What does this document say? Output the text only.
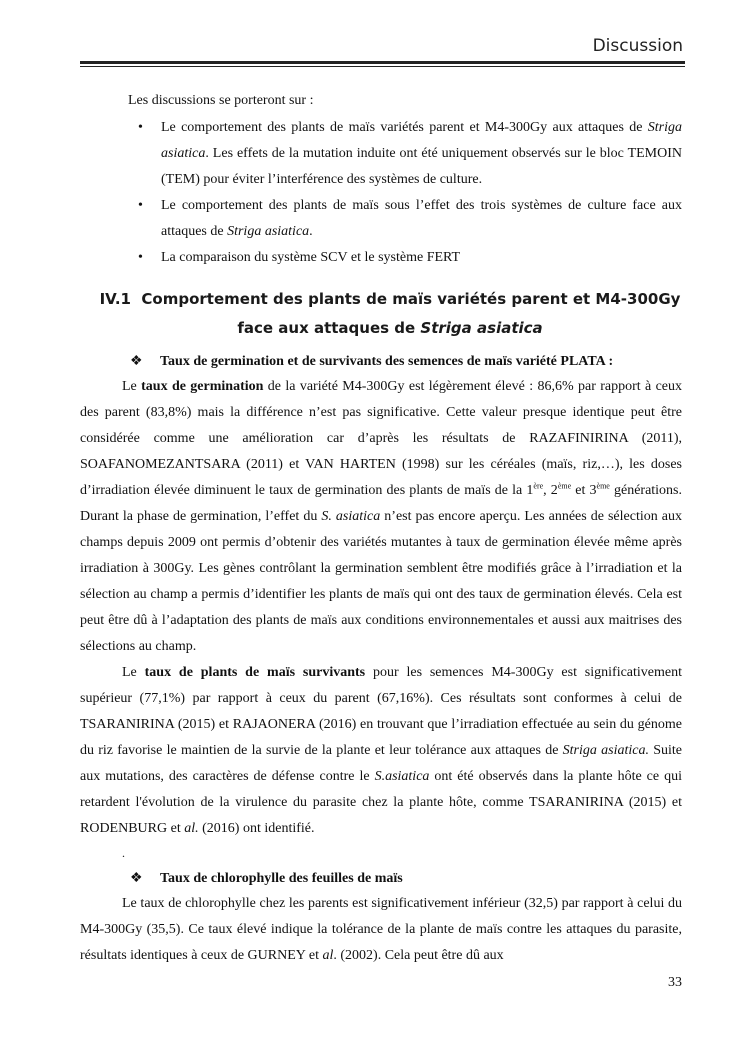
Discussion
Les discussions se porteront sur :
• Le comportement des plants de maïs variétés parent et M4-300Gy aux attaques de Striga asiatica. Les effets de la mutation induite ont été uniquement observés sur le bloc TEMOIN (TEM) pour éviter l’interférence des systèmes de culture.
• Le comportement des plants de maïs sous l’effet des trois systèmes de culture face aux attaques de Striga asiatica.
• La comparaison du système SCV et le système FERT
IV.1 Comportement des plants de maïs variétés parent et M4-300Gy face aux attaques de Striga asiatica
❖ Taux de germination et de survivants des semences de maïs variété PLATA :
Le taux de germination de la variété M4-300Gy est légèrement élevé : 86,6% par rapport à ceux des parent (83,8%) mais la différence n’est pas significative. Cette valeur presque identique peut être considérée comme une amélioration car d’après les résultats de RAZAFINIRINA (2011), SOAFANOMEZANTSARA (2011) et VAN HARTEN (1998) sur les céréales (maïs, riz,…), les doses d’irradiation élevée diminuent le taux de germination des plants de maïs de la 1ère, 2ème et 3ème générations. Durant la phase de germination, l’effet du S. asiatica n’est pas encore aperçu. Les années de sélection aux champs depuis 2009 ont permis d’obtenir des variétés mutantes à taux de germination élevée même après irradiation à 300Gy. Les gènes contrôlant la germination semblent être modifiés grâce à l’irradiation et la sélection au champ a permis d’identifier les plants de maïs qui ont des taux de germination élevés. Cela est peut être dû à l’adaptation des plants de maïs aux conditions environnementales et aussi aux maitrises des sélections au champ.
Le taux de plants de maïs survivants pour les semences M4-300Gy est significativement supérieur (77,1%) par rapport à ceux du parent (67,16%). Ces résultats sont conformes à celui de TSARANIRINA (2015) et RAJAONERA (2016) en trouvant que l’irradiation effectuée au sein du génome du riz favorise le maintien de la survie de la plante et leur tolérance aux attaques de Striga asiatica. Suite aux mutations, des caractères de défense contre le S.asiatica ont été observés dans la plante hôte ce qui retardent l'évolution de la virulence du parasite chez la plante hôte, comme TSARANIRINA (2015) et RODENBURG et al. (2016) ont identifié.
.
❖ Taux de chlorophylle des feuilles de maïs
Le taux de chlorophylle chez les parents est significativement inférieur (32,5) par rapport à celui du M4-300Gy (35,5). Ce taux élevé indique la tolérance de la plante de maïs contre les attaques du parasite, résultats identiques à ceux de GURNEY et al. (2002). Cela peut être dû aux
33
